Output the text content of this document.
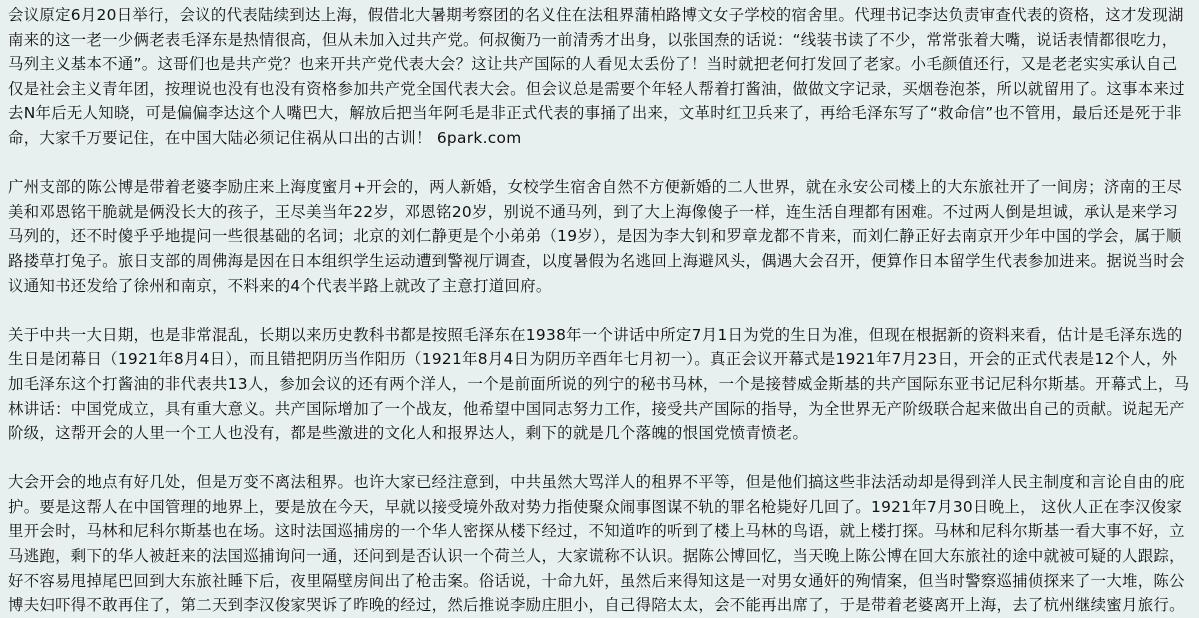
会议原定6月20日举行，会议的代表陆续到达上海，假借北大暑期考察团的名义住在法租界蒲柏路博文女子学校的宿舍里。代理书记李达负责审查代表的资格，这才发现湖南来的这一老一少俩老表毛泽东是热情很高，但从未加入过共产党。何叔衡乃一前清秀才出身，以张国焘的话说：“线装书读了不少，常常张着大嘴，说话表情都很吃力，马列主义基本不通”。这哥们也是共产党？也来开共产党代表大会？这让共产国际的人看见太丢份了！当时就把老何打发回了老家。小毛颜值还行，又是老老实实承认自己仅是社会主义青年团，按理说也没有也没有资格参加共产党全国代表大会。但会议总是需要个年轻人帮着打酱油，做做文字记录，买烟卷泡茶，所以就留用了。这事本来过去N年后无人知晓，可是偏偏李达这个人嘴巴大，解放后把当年阿毛是非正式代表的事捅了出来，文革时红卫兵来了，再给毛泽东写了“救命信”也不管用，最后还是死于非命，大家千万要记住，在中国大陆必须记住祸从口出的古训！ 6park.com

广州支部的陈公博是带着老婆李励庄来上海度蜜月+开会的，两人新婚，女校学生宿舍自然不方便新婚的二人世界，就在永安公司楼上的大东旅社开了一间房；济南的王尽美和邓恩铭干脆就是俩没长大的孩子，王尽美当年22岁，邓恩铭20岁，别说不通马列，到了大上海像傻子一样，连生活自理都有困难。不过两人倒是坦诚，承认是来学习马列的，还不时傻乎乎地提问一些很基础的名词；北京的刘仁静更是个小弟弟（19岁），是因为李大钊和罗章龙都不肯来，而刘仁静正好去南京开少年中国的学会，属于顺路搂草打兔子。旅日支部的周佛海是因在日本组织学生运动遭到警视厅调查，以度暑假为名逃回上海避风头，偶遇大会召开，便算作日本留学生代表参加进来。据说当时会议通知书还发给了徐州和南京，不料来的4个代表半路上就改了主意打道回府。

关于中共一大日期，也是非常混乱，长期以来历史教科书都是按照毛泽东在1938年一个讲话中所定7月1日为党的生日为准，但现在根据新的资料来看，估计是毛泽东选的生日是闭幕日（1921年8月4日），而且错把阴历当作阳历（1921年8月4日为阴历辛酉年七月初一）。真正会议开幕式是1921年7月23日，开会的正式代表是12个人，外加毛泽东这个打酱油的非代表共13人，参加会议的还有两个洋人，一个是前面所说的列宁的秘书马林，一个是接替威金斯基的共产国际东亚书记尼科尔斯基。开幕式上，马林讲话：中国党成立，具有重大意义。共产国际增加了一个战友，他希望中国同志努力工作，接受共产国际的指导，为全世界无产阶级联合起来做出自己的贡献。说起无产阶级，这帮开会的人里一个工人也没有，都是些激进的文化人和报界达人，剩下的就是几个落魄的恨国党愤青愤老。

大会开会的地点有好几处，但是万变不离法租界。也许大家已经注意到，中共虽然大骂洋人的租界不平等，但是他们搞这些非法活动却是得到洋人民主制度和言论自由的庇护。要是这帮人在中国管理的地界上，要是放在今天，早就以接受境外敌对势力指使聚众闹事图谋不轨的罪名枪毙好几回了。1921年7月30日晚上， 这伙人正在李汉俊家里开会时，马林和尼科尔斯基也在场。这时法国巡捕房的一个华人密探从楼下经过，不知道咋的听到了楼上马林的鸟语，就上楼打探。马林和尼科尔斯基一看大事不好，立马逃跑，剩下的华人被赶来的法国巡捕询问一通，还问到是否认识一个荷兰人，大家谎称不认识。据陈公博回忆，当天晚上陈公博在回大东旅社的途中就被可疑的人跟踪，好不容易甩掉尾巴回到大东旅社睡下后，夜里隔壁房间出了枪击案。俗话说，十命九奸，虽然后来得知这是一对男女通奸的殉情案，但当时警察巡捕侦探来了一大堆，陈公博夫妇吓得不敢再住了，第二天到李汉俊家哭诉了昨晚的经过，然后推说李励庄胆小，自己得陪太太，会不能再出席了，于是带着老婆离开上海，去了杭州继续蜜月旅行。
